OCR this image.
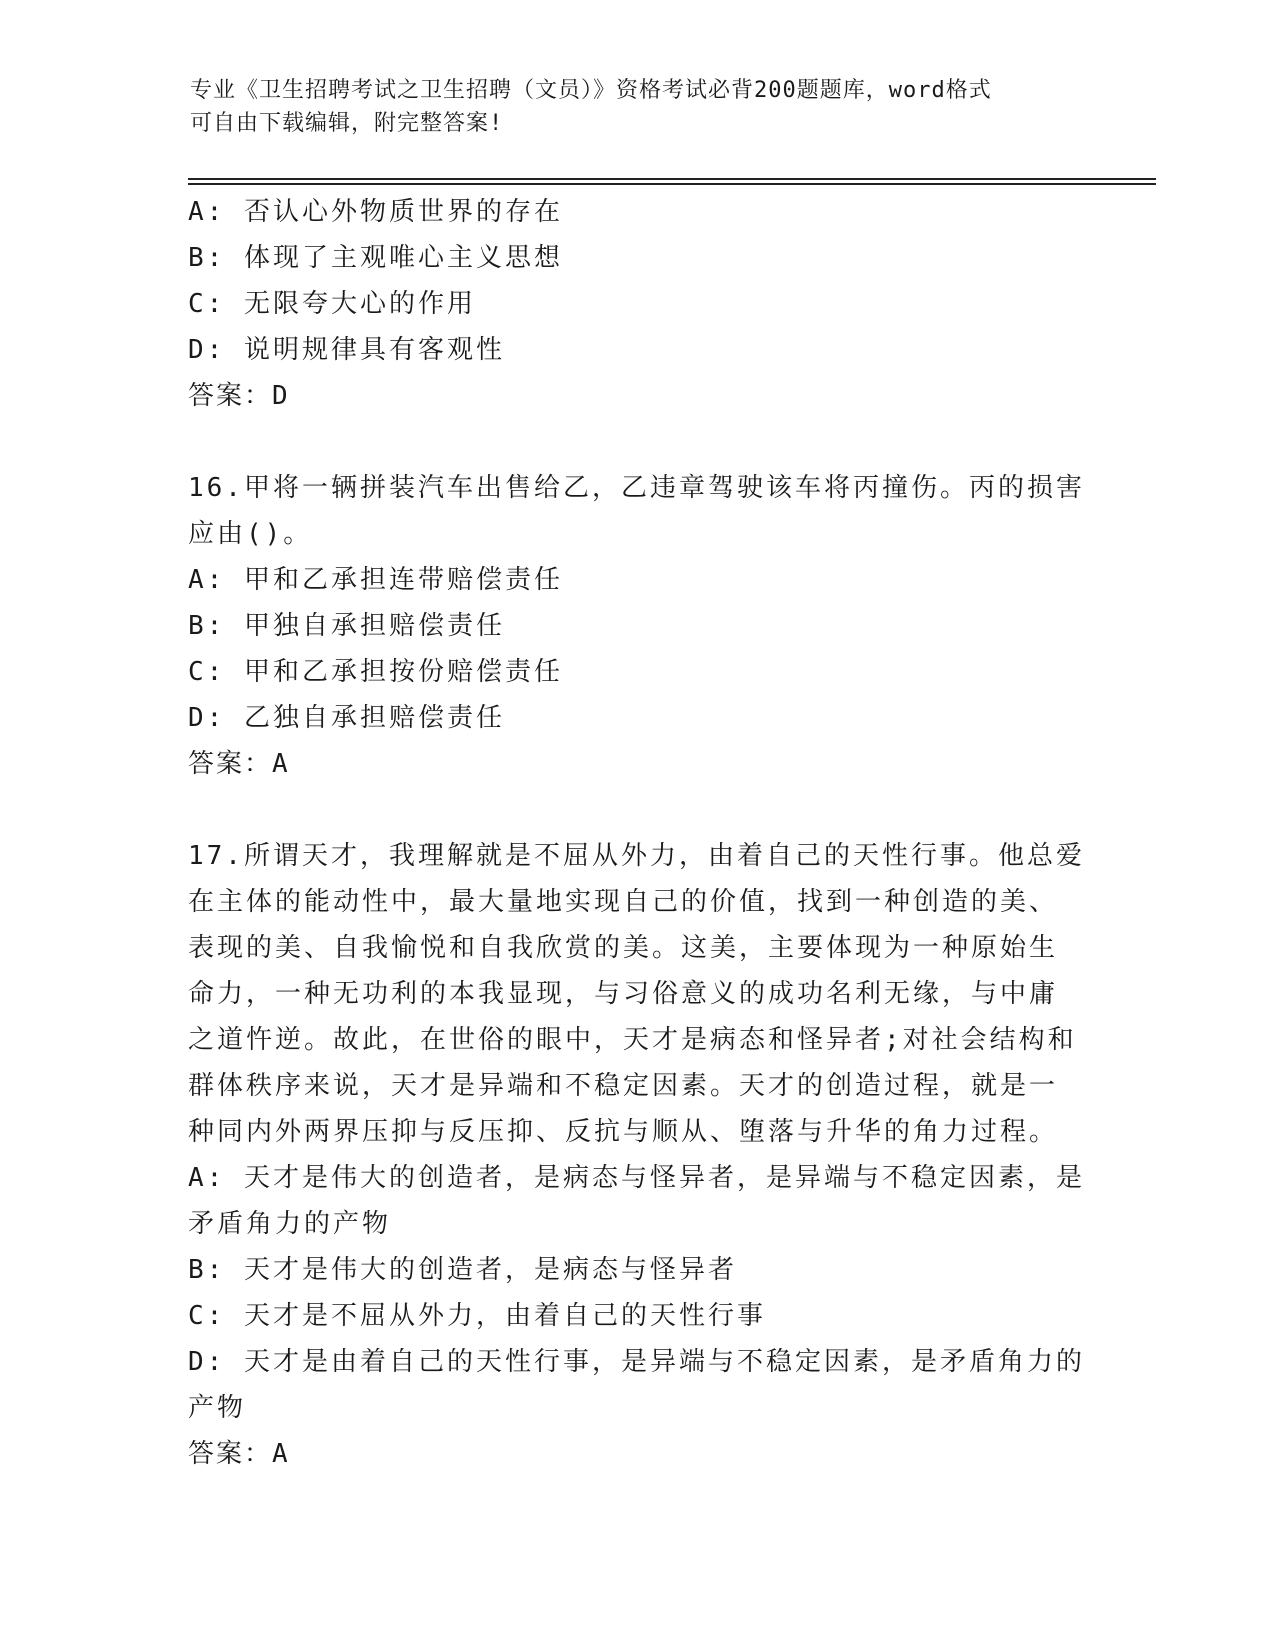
专业《卫生招聘考试之卫生招聘（文员）》资格考试必背200题题库，word格式
可自由下载编辑，附完整答案!
A: 否认心外物质世界的存在
B: 体现了主观唯心主义思想
C: 无限夸大心的作用
D: 说明规律具有客观性
答案：D
16.甲将一辆拼装汽车出售给乙，乙违章驾驶该车将丙撞伤。丙的损害
应由()。
A: 甲和乙承担连带赔偿责任
B: 甲独自承担赔偿责任
C: 甲和乙承担按份赔偿责任
D: 乙独自承担赔偿责任
答案：A
17.所谓天才，我理解就是不屈从外力，由着自己的天性行事。他总爱
在主体的能动性中，最大量地实现自己的价值，找到一种创造的美、
表现的美、自我愉悦和自我欣赏的美。这美，主要体现为一种原始生
命力，一种无功利的本我显现，与习俗意义的成功名利无缘，与中庸
之道忤逆。故此，在世俗的眼中，天才是病态和怪异者;对社会结构和
群体秩序来说，天才是异端和不稳定因素。天才的创造过程，就是一
种同内外两界压抑与反压抑、反抗与顺从、堕落与升华的角力过程。
A: 天才是伟大的创造者，是病态与怪异者，是异端与不稳定因素，是
矛盾角力的产物
B: 天才是伟大的创造者，是病态与怪异者
C: 天才是不屈从外力，由着自己的天性行事
D: 天才是由着自己的天性行事，是异端与不稳定因素，是矛盾角力的
产物
答案：A
